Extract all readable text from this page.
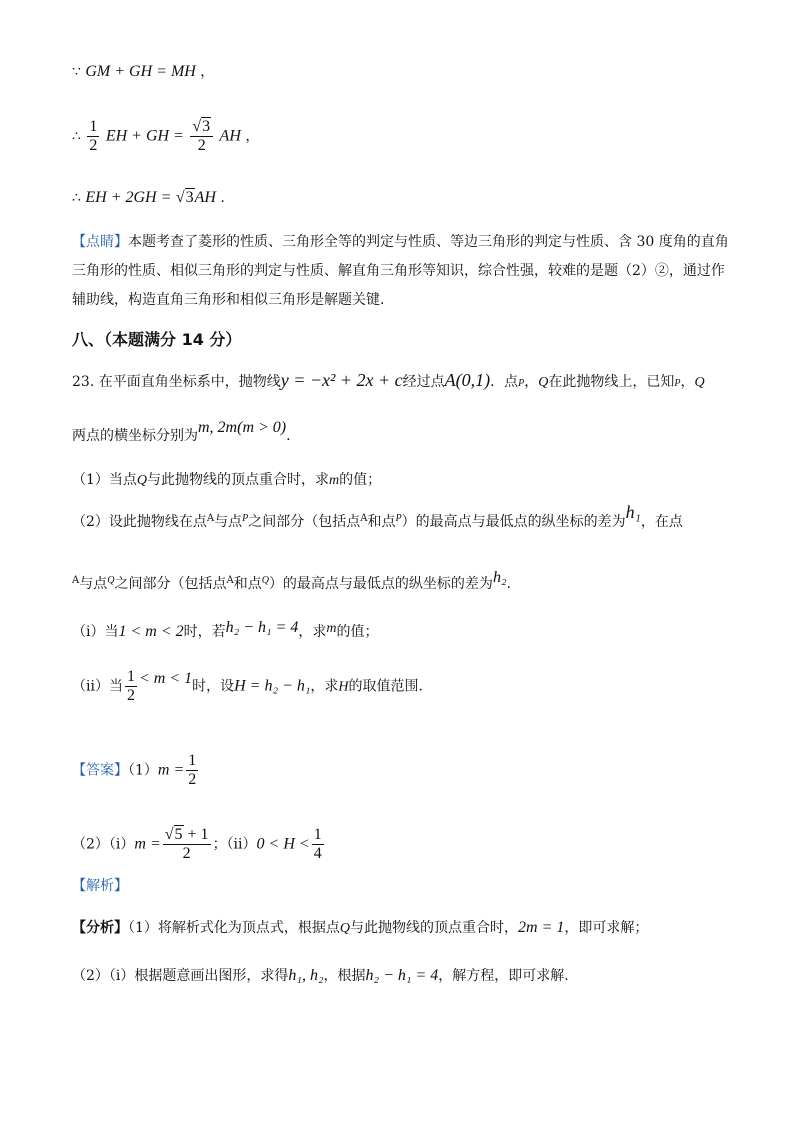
∵ GM + GH = MH ，
∴ $\frac{1}{2}$ EH + GH = $\frac{√3}{2}$ AH ，
∴ EH + 2GH = √3AH .
【点睛】本题考查了菱形的性质、三角形全等的判定与性质、等边三角形的判定与性质、含 30 度角的直角三角形的性质、相似三角形的判定与性质、解直角三角形等知识，综合性强，较难的是题（2）②，通过作辅助线，构造直角三角形和相似三角形是解题关键.
八、（本题满分 14 分）
23. 在平面直角坐标系中，抛物线y = −x² + 2x + c经过点A(0,1)．点P，Q在此抛物线上，已知P，Q
两点的横坐标分别为m, 2m(m > 0).
（1）当点Q与此抛物线的顶点重合时，求m的值；
（2）设此抛物线在点$^A$与点$^P$之间部分（包括点$^A$和点$^P$）的最高点与最低点的纵坐标的差为h₁，在点
$^A$与点$^Q$之间部分（包括点$^A$和点$^Q$）的最高点与最低点的纵坐标的差为h₂.
（ⅰ）当1 < m < 2时，若h₂ − h₁ = 4，求m的值；
（ⅱ）当 $\frac{1}{2} < m < 1$时，设H = h₂ − h₁，求H的取值范围.
【答案】$(1)m = \frac{1}{2}$
（2）（ⅰ）m = $\frac{√5 + 1}{2}$ ；（ⅱ）0 < $H < \frac{1}{4}$
【解析】
【分析】（1）将解析式化为顶点式，根据点Q与此抛物线的顶点重合时，2m = 1，即可求解；
（2）（ⅰ）根据题意画出图形，求得h₁, h₂，根据h₂ − h₁ = 4，解方程，即可求解.
